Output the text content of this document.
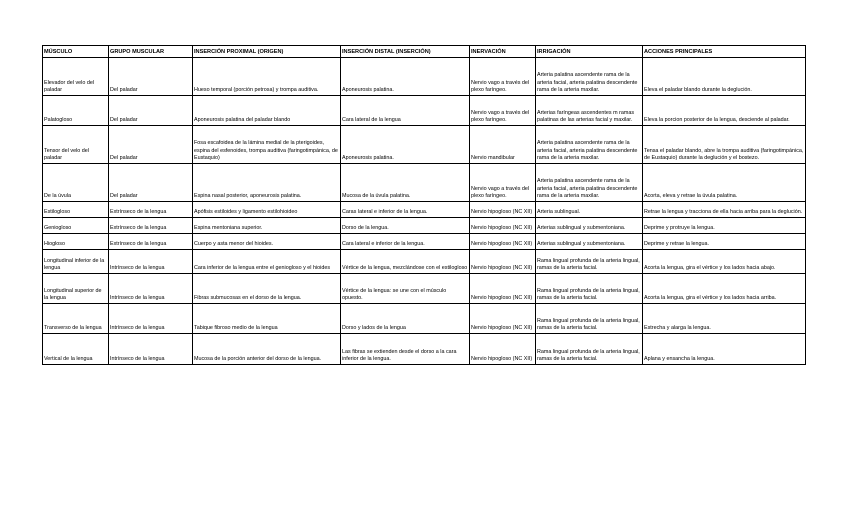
MÚSCULO	GRUPO MUSCULAR	INSERCIÓN PROXIMAL (ORIGEN)	INSERCIÓN DISTAL (INSERCIÓN)	INERVACIÓN	IRRIGACIÓN	ACCIONES PRINCIPALES
Elevador del velo del paladar	Del paladar	Hueso temporal (porción petrosa) y trompa auditiva.	Aponeurosis palatina.	Nervio vago a través del plexo faríngeo.	Arteria palatina ascendente rama de la arteria facial, arteria palatina descendente rama de la arteria maxilar.	Eleva el paladar blando durante la deglución.
Palatogloso	Del paladar	Aponeurosis palatina del paladar blando	Cara lateral de la lengua	Nervio vago a través del plexo faríngeo.	Arterias faríngeas ascendentes m ramas palatinas de las arterias facial y maxilar.	Eleva la porcion posterior de la lengua, desciende al paladar.
Tensor del velo del paladar	Del paladar	Fosa escafoidea de la lámina medial de la pterigoides, espina del esfenoides, trompa auditiva (faringotimpánica, de Eustaquio)	Aponeurosis palatina.	Nervio mandibular	Arteria palatina ascendente rama de la arteria facial, arteria palatina descendente rama de la arteria maxilar.	Tensa el paladar blando, abre la trompa auditiva (faringotimpánica, de Eustaquio) durante la deglución y el bostezo.
De la úvula	Del paladar	Espina nasal posterior, aponeurosis palatina.	Mucosa de la úvula palatina.	Nervio vago a través del plexo faríngeo.	Arteria palatina ascendente rama de la arteria facial, arteria palatina descendente rama de la arteria maxilar.	Acorta, eleva y retrae la úvula palatina.
Estilogloso	Extrínseco de la lengua	Apófisis estiloides y ligamento estilohioideo	Caras lateral e inferior de la lengua.	Nervio hipogloso (NC XII)	Arteria sublingual.	Retrae la lengua y tracciona de ella hacia arriba para la deglución.
Geniogloso	Extrínseco de la lengua	Espina mentoniana superior.	Dorso de la lengua.	Nervio hipogloso (NC XII)	Arterias sublingual y submentoniana.	Deprime y protruye la lengua.
Hiogloso	Extrínseco de la lengua	Cuerpo y asta menor del hioides.	Cara lateral e inferior de la lengua.	Nervio hipogloso (NC XII)	Arterias sublingual y submentoniana.	Deprime y retrae la lengua.
Longitudinal inferior de la lengua	Intrínseco de la lengua	Cara inferior de la lengua entre el geniogloso y el hioides	Vértice de la lengua, mezclándose con el estilogloso	Nervio hipogloso (NC XII)	Rama lingual profunda de la arteria lingual, ramas de la arteria facial.	Acorta la lengua, gira el vértice y los lados hacia abajo.
Longitudinal superior de la lengua	Intrínseco de la lengua	Fibras submucosas en el dorso de la lengua.	Vértice de la lengua: se une con el músculo opuesto.	Nervio hipogloso (NC XII)	Rama lingual profunda de la arteria lingual, ramas de la arteria facial.	Acorta la lengua, gira el vértice y los lados hacia arriba.
Transverso de la lengua	Intrínseco de la lengua	Tabique fibroso medio de la lengua	Dorso y lados de la lengua	Nervio hipogloso (NC XII)	Rama lingual profunda de la arteria lingual, ramas de la arteria facial.	Estrecha y alarga la lengua.
Vertical de la lengua	Intrínseco de la lengua	Mucosa de la porción anterior del dorso de la lengua.	Las fibras se extienden desde el dorso a la cara inferior de la lengua.	Nervio hipogloso (NC XII)	Rama lingual profunda de la arteria lingual, ramas de la arteria facial.	Aplana y ensancha la lengua.
